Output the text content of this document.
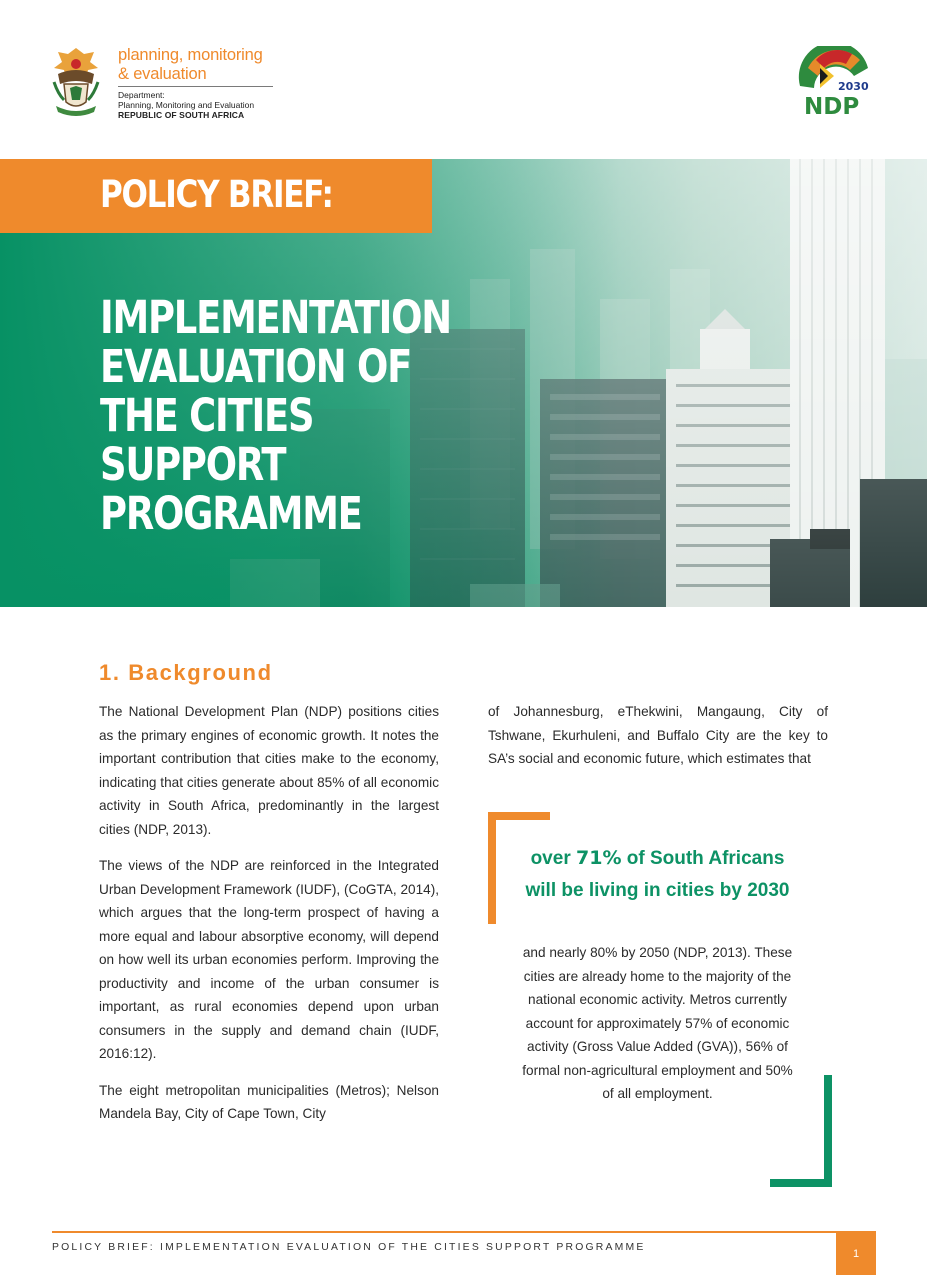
planning, monitoring
& evaluation
Department:
Planning, Monitoring and Evaluation
REPUBLIC OF SOUTH AFRICA
2030
NDP
POLICY BRIEF:
IMPLEMENTATION
EVALUATION OF
THE CITIES
SUPPORT
PROGRAMME
1. Background

The National Development Plan (NDP) positions cities as the primary engines of economic growth. It notes the important contribution that cities make to the economy, indicating that cities generate about 85% of all economic activity in South Africa, predominantly in the largest cities (NDP, 2013).

The views of the NDP are reinforced in the Integrated Urban Development Framework (IUDF), (CoGTA, 2014), which argues that the long-term prospect of having a more equal and labour absorptive economy, will depend on how well its urban economies perform. Improving the productivity and income of the urban consumer is important, as rural economies depend upon urban consumers in the supply and demand chain (IUDF, 2016:12).

The eight metropolitan municipalities (Metros); Nelson Mandela Bay, City of Cape Town, City

of Johannesburg, eThekwini, Mangaung, City of Tshwane, Ekurhuleni, and Buffalo City are the key to SA’s social and economic future, which estimates that
over 71% of South Africans will be living in cities by 2030
and nearly 80% by 2050 (NDP, 2013). These cities are already home to the majority of the national economic activity. Metros currently account for approximately 57% of economic activity (Gross Value Added (GVA)), 56% of formal non-agricultural employment and 50% of all employment.
POLICY BRIEF: IMPLEMENTATION EVALUATION OF THE CITIES SUPPORT PROGRAMME
1
